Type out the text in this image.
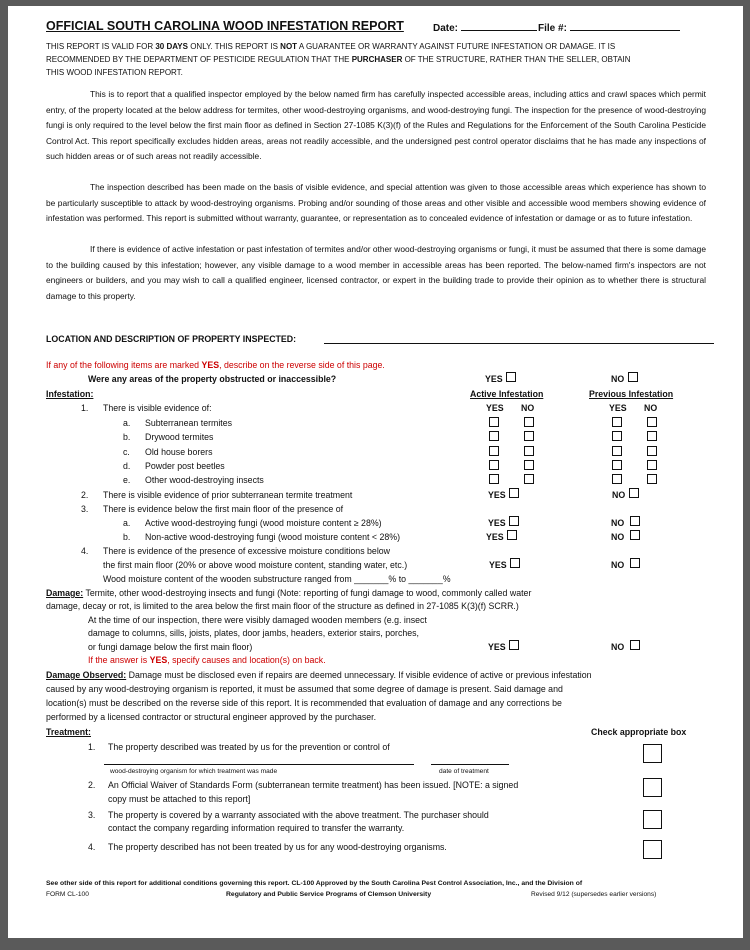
OFFICIAL SOUTH CAROLINA WOOD INFESTATION REPORT	Date:	File #:
THIS REPORT IS VALID FOR 30 DAYS ONLY. THIS REPORT IS NOT A GUARANTEE OR WARRANTY AGAINST FUTURE INFESTATION OR DAMAGE. IT IS
RECOMMENDED BY THE DEPARTMENT OF PESTICIDE REGULATION THAT THE PURCHASER OF THE STRUCTURE, RATHER THAN THE SELLER, OBTAIN
THIS WOOD INFESTATION REPORT.
This is to report that a qualified inspector employed by the below named firm has carefully inspected accessible areas, including attics and crawl spaces which permit entry, of the property located at the below address for termites, other wood-destroying organisms, and wood-destroying fungi. The inspection for the presence of wood-destroying fungi is only required to the level below the first main floor as defined in Section 27-1085 K(3)(f) of the Rules and Regulations for the Enforcement of the South Carolina Pesticide Control Act. This report specifically excludes hidden areas, areas not readily accessible, and the undersigned pest control operator disclaims that he has made any inspections of such hidden areas or of such areas not readily accessible.
The inspection described has been made on the basis of visible evidence, and special attention was given to those accessible areas which experience has shown to be particularly susceptible to attack by wood-destroying organisms. Probing and/or sounding of those areas and other visible and accessible wood members showing evidence of infestation was performed. This report is submitted without warranty, guarantee, or representation as to concealed evidence of infestation or damage or as to future infestation.
If there is evidence of active infestation or past infestation of termites and/or other wood-destroying organisms or fungi, it must be assumed that there is some damage to the building caused by this infestation; however, any visible damage to a wood member in accessible areas has been reported. The below-named firm's inspectors are not engineers or builders, and you may wish to call a qualified engineer, licensed contractor, or expert in the building trade to provide their opinion as to whether there is structural damage to this property.
LOCATION AND DESCRIPTION OF PROPERTY INSPECTED:
If any of the following items are marked YES, describe on the reverse side of this page.
Were any areas of the property obstructed or inaccessible?	YES	NO
Infestation:	Active Infestation	Previous Infestation
YES NO	YES NO
1. There is visible evidence of:
a. Subterranean termites
b. Drywood termites
c. Old house borers
d. Powder post beetles
e. Other wood-destroying insects
2. There is visible evidence of prior subterranean termite treatment	YES	NO
3. There is evidence below the first main floor of the presence of
a. Active wood-destroying fungi (wood moisture content ≥ 28%)	YES	NO
b. Non-active wood-destroying fungi (wood moisture content < 28%)	YES	NO
4. There is evidence of the presence of excessive moisture conditions below
the first main floor (20% or above wood moisture content, standing water, etc.)	YES	NO
Wood moisture content of the wooden substructure ranged from _______% to _______%
Damage: Termite, other wood-destroying insects and fungi (Note: reporting of fungi damage to wood, commonly called water
damage, decay or rot, is limited to the area below the first main floor of the structure as defined in 27-1085 K(3)(f) SCRR.)
At the time of our inspection, there were visibly damaged wooden members (e.g. insect
damage to columns, sills, joists, plates, door jambs, headers, exterior stairs, porches,
or fungi damage below the first main floor)	YES	NO
If the answer is YES, specify causes and location(s) on back.
Damage Observed: Damage must be disclosed even if repairs are deemed unnecessary. If visible evidence of active or previous infestation
caused by any wood-destroying organism is reported, it must be assumed that some degree of damage is present. Said damage and
location(s) must be described on the reverse side of this report. It is recommended that evaluation of damage and any corrections be
performed by a licensed contractor or structural engineer approved by the purchaser.
Treatment:	Check appropriate box
1. The property described was treated by us for the prevention or control of
wood-destroying organism for which treatment was made	date of treatment
2. An Official Waiver of Standards Form (subterranean termite treatment) has been issued. [NOTE: a signed
copy must be attached to this report]
3. The property is covered by a warranty associated with the above treatment. The purchaser should
contact the company regarding information required to transfer the warranty.
4. The property described has not been treated by us for any wood-destroying organisms.
See other side of this report for additional conditions governing this report. CL-100 Approved by the South Carolina Pest Control Association, Inc., and the Division of
FORM CL-100	Regulatory and Public Service Programs of Clemson University	Revised 9/12 (supersedes earlier versions)
